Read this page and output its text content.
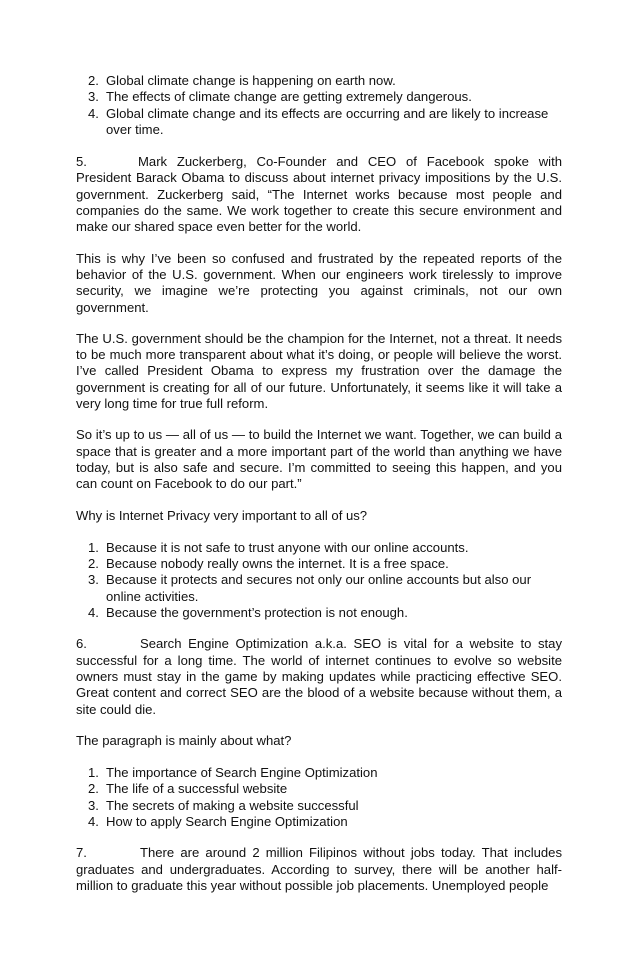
2. Global climate change is happening on earth now.
3. The effects of climate change are getting extremely dangerous.
4. Global climate change and its effects are occurring and are likely to increase over time.

5.	Mark Zuckerberg, Co-Founder and CEO of Facebook spoke with President Barack Obama to discuss about internet privacy impositions by the U.S. government. Zuckerberg said, “The Internet works because most people and companies do the same. We work together to create this secure environment and make our shared space even better for the world.

This is why I’ve been so confused and frustrated by the repeated reports of the behavior of the U.S. government. When our engineers work tirelessly to improve security, we imagine we’re protecting you against criminals, not our own government.

The U.S. government should be the champion for the Internet, not a threat. It needs to be much more transparent about what it’s doing, or people will believe the worst. I’ve called President Obama to express my frustration over the damage the government is creating for all of our future. Unfortunately, it seems like it will take a very long time for true full reform.

So it’s up to us — all of us — to build the Internet we want. Together, we can build a space that is greater and a more important part of the world than anything we have today, but is also safe and secure. I’m committed to seeing this happen, and you can count on Facebook to do our part.”

Why is Internet Privacy very important to all of us?

1. Because it is not safe to trust anyone with our online accounts.
2. Because nobody really owns the internet. It is a free space.
3. Because it protects and secures not only our online accounts but also our online activities.
4. Because the government’s protection is not enough.

6.	Search Engine Optimization a.k.a. SEO is vital for a website to stay successful for a long time. The world of internet continues to evolve so website owners must stay in the game by making updates while practicing effective SEO. Great content and correct SEO are the blood of a website because without them, a site could die.

The paragraph is mainly about what?

1. The importance of Search Engine Optimization
2. The life of a successful website
3. The secrets of making a website successful
4. How to apply Search Engine Optimization

7.	There are around 2 million Filipinos without jobs today. That includes graduates and undergraduates. According to survey, there will be another half-million to graduate this year without possible job placements. Unemployed people
